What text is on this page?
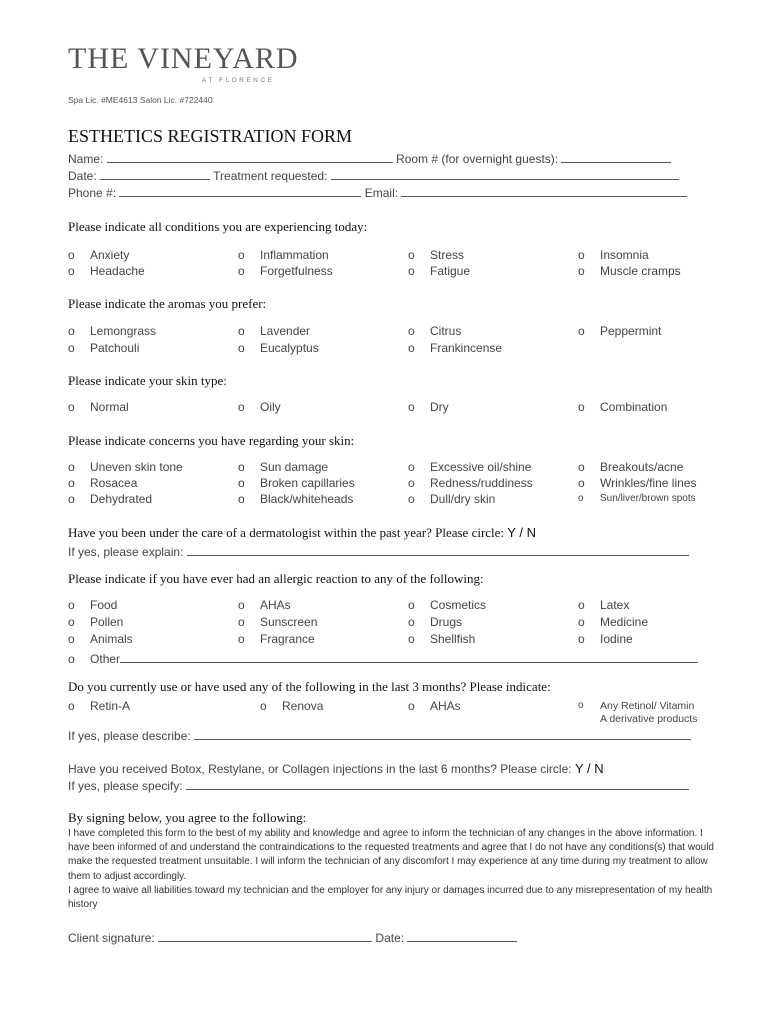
THE VINEYARD
AT FLORENCE
Spa Lic. #ME4613 Salon Lic. #722440
ESTHETICS REGISTRATION FORM
Name:	Room # (for overnight guests):
Date:	Treatment requested:
Phone #:	Email:
Please indicate all conditions you are experiencing today:
o Anxiety	o Inflammation	o Stress	o Insomnia
o Headache	o Forgetfulness	o Fatigue	o Muscle cramps
Please indicate the aromas you prefer:
o Lemongrass	o Lavender	o Citrus	o Peppermint
o Patchouli	o Eucalyptus	o Frankincense
Please indicate your skin type:
o Normal	o Oily	o Dry	o Combination
Please indicate concerns you have regarding your skin:
o Uneven skin tone	o Sun damage	o Excessive oil/shine	o Breakouts/acne
o Rosacea	o Broken capillaries	o Redness/ruddiness	o Wrinkles/fine lines
o Dehydrated	o Black/whiteheads	o Dull/dry skin	o Sun/liver/brown spots
Have you been under the care of a dermatologist within the past year? Please circle: Y / N
If yes, please explain:
Please indicate if you have ever had an allergic reaction to any of the following:
o Food	o AHAs	o Cosmetics	o Latex
o Pollen	o Sunscreen	o Drugs	o Medicine
o Animals	o Fragrance	o Shellfish	o Iodine
o Other
Do you currently use or have used any of the following in the last 3 months? Please indicate:
o Retin-A	o Renova	o AHAs	o Any Retinol/ Vitamin
A derivative products
If yes, please describe:
Have you received Botox, Restylane, or Collagen injections in the last 6 months? Please circle: Y / N
If yes, please specify:
By signing below, you agree to the following:

I have completed this form to the best of my ability and knowledge and agree to inform the technician of any changes in the above information. I have been informed of and understand the contraindications to the requested treatments and agree that I do not have any conditions(s) that would make the requested treatment unsuitable. I will inform the technician of any discomfort I may experience at any time during my treatment to allow them to adjust accordingly.

I agree to waive all liabilities toward my technician and the employer for any injury or damages incurred due to any misrepresentation of my health history

Client signature:	Date:
